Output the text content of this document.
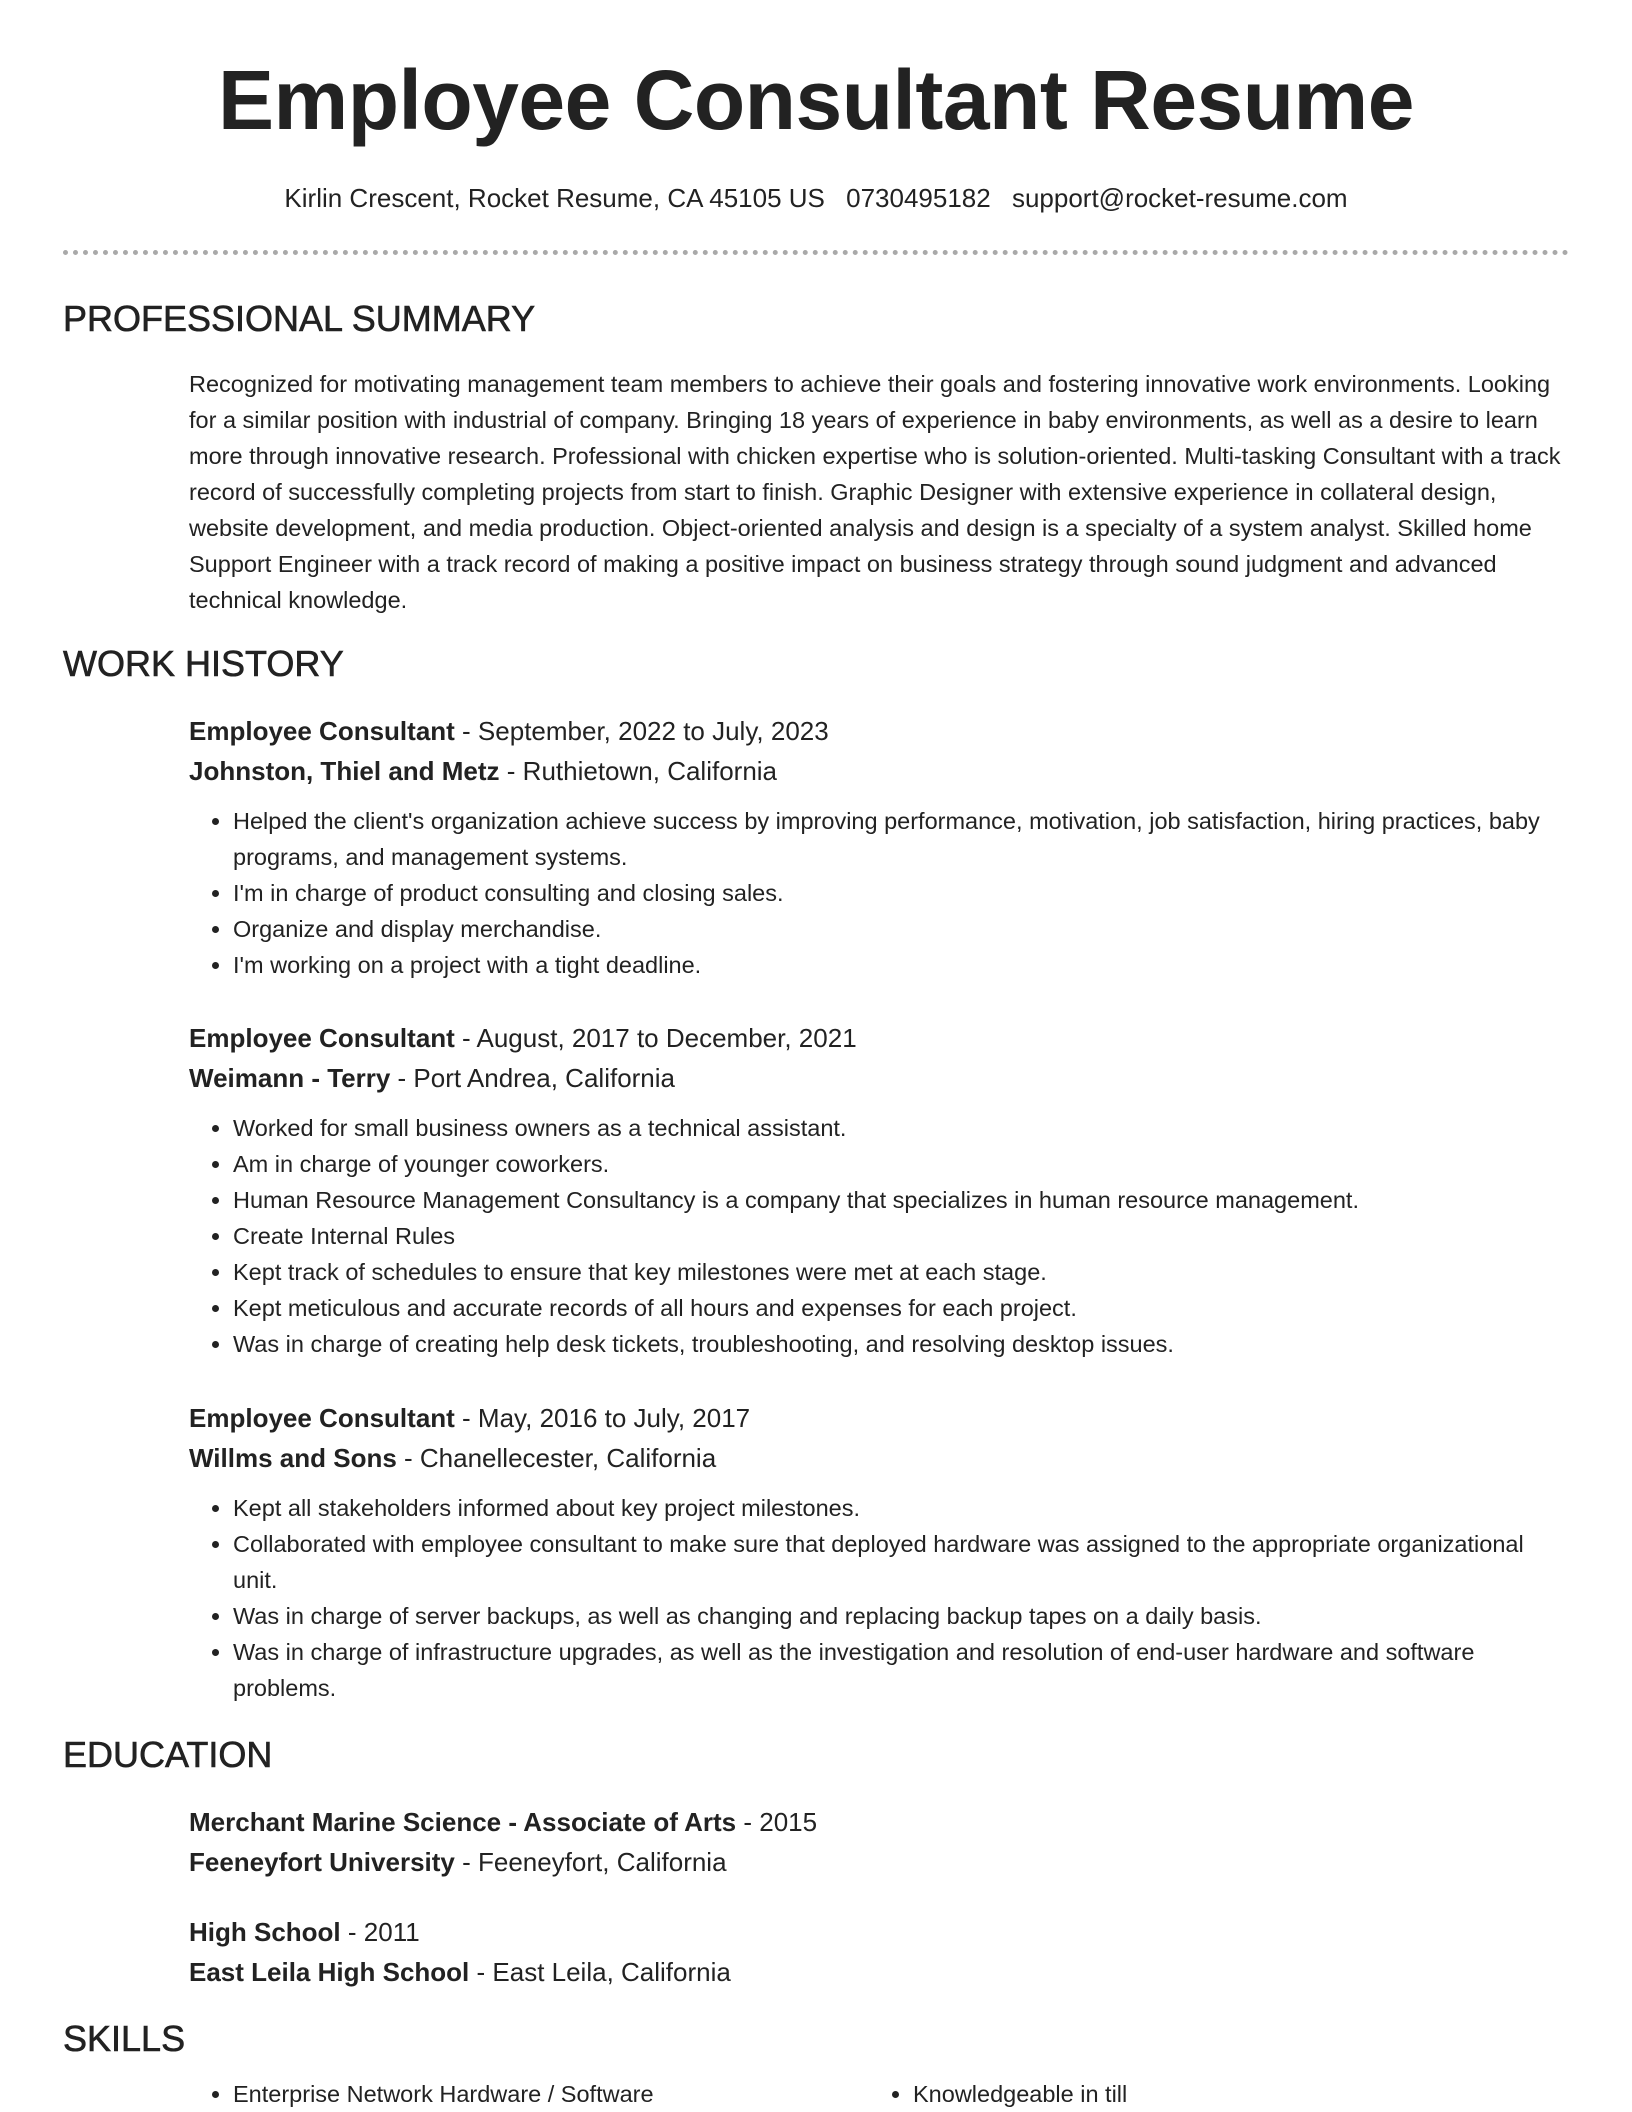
Employee Consultant Resume
Kirlin Crescent, Rocket Resume, CA 45105 US 0730495182 support@rocket-resume.com
PROFESSIONAL SUMMARY

Recognized for motivating management team members to achieve their goals and fostering innovative work environments. Looking for a similar position with industrial of company. Bringing 18 years of experience in baby environments, as well as a desire to learn more through innovative research. Professional with chicken expertise who is solution-oriented. Multi-tasking Consultant with a track record of successfully completing projects from start to finish. Graphic Designer with extensive experience in collateral design, website development, and media production. Object-oriented analysis and design is a specialty of a system analyst. Skilled home Support Engineer with a track record of making a positive impact on business strategy through sound judgment and advanced technical knowledge.

WORK HISTORY
Employee Consultant - September, 2022 to July, 2023
Johnston, Thiel and Metz - Ruthietown, California
• Helped the client's organization achieve success by improving performance, motivation, job satisfaction, hiring practices, baby programs, and management systems.
• I'm in charge of product consulting and closing sales.
• Organize and display merchandise.
• I'm working on a project with a tight deadline.
Employee Consultant - August, 2017 to December, 2021
Weimann - Terry - Port Andrea, California
• Worked for small business owners as a technical assistant.
• Am in charge of younger coworkers.
• Human Resource Management Consultancy is a company that specializes in human resource management.
• Create Internal Rules
• Kept track of schedules to ensure that key milestones were met at each stage.
• Kept meticulous and accurate records of all hours and expenses for each project.
• Was in charge of creating help desk tickets, troubleshooting, and resolving desktop issues.
Employee Consultant - May, 2016 to July, 2017
Willms and Sons - Chanellecester, California
• Kept all stakeholders informed about key project milestones.
• Collaborated with employee consultant to make sure that deployed hardware was assigned to the appropriate organizational unit.
• Was in charge of server backups, as well as changing and replacing backup tapes on a daily basis.
• Was in charge of infrastructure upgrades, as well as the investigation and resolution of end-user hardware and software problems.
EDUCATION
Merchant Marine Science - Associate of Arts - 2015
Feeneyfort University - Feeneyfort, California
High School - 2011
East Leila High School - East Leila, California
SKILLS
• Enterprise Network Hardware / Software
•	Knowledgeable in till
